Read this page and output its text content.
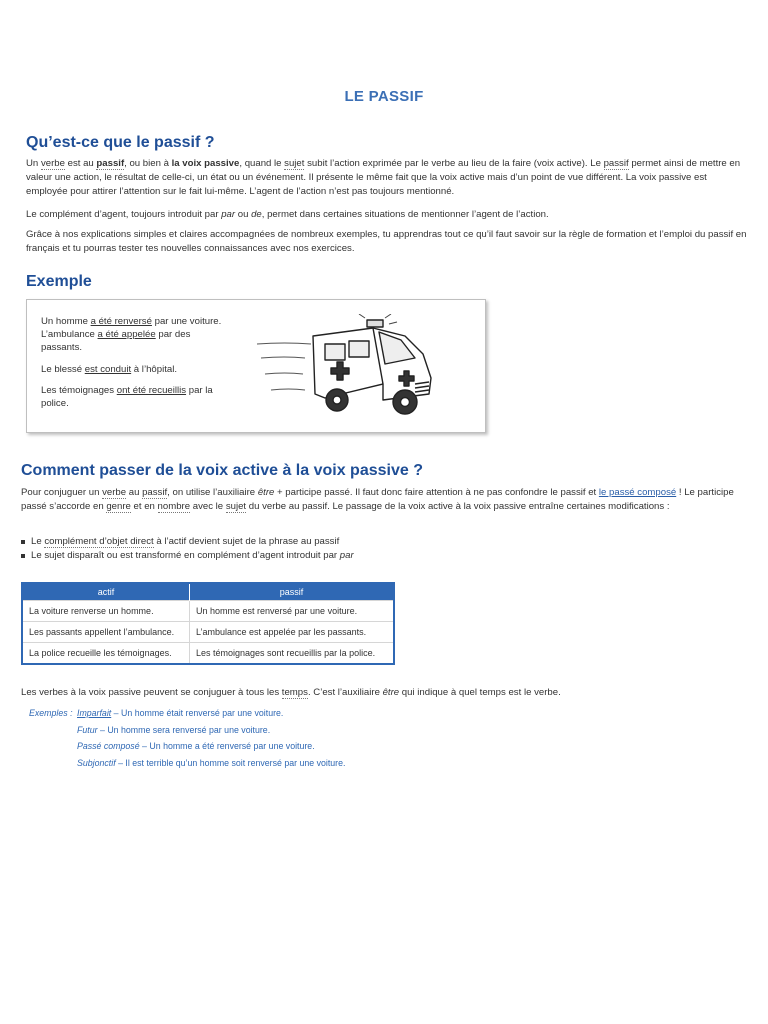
LE PASSIF
Qu’est-ce que le passif ?

Un verbe est au passif, ou bien à la voix passive, quand le sujet subit l’action exprimée par le verbe au lieu de la faire (voix active). Le passif permet ainsi de mettre en valeur une action, le résultat de celle-ci, un état ou un événement. Il présente le même fait que la voix active mais d’un point de vue différent. La voix passive est employée pour attirer l’attention sur le fait lui-même. L’agent de l’action n’est pas toujours mentionné.

Le complément d’agent, toujours introduit par par ou de, permet dans certaines situations de mentionner l’agent de l’action.

Grâce à nos explications simples et claires accompagnées de nombreux exemples, tu apprendras tout ce qu’il faut savoir sur la règle de formation et l’emploi du passif en français et tu pourras tester tes nouvelles connaissances avec nos exercices.

Exemple
Un homme a été renversé par une voiture. L’ambulance a été appelée par des passants.
Le blessé est conduit à l’hôpital.
Les témoignages ont été recueillis par la police.
Comment passer de la voix active à la voix passive ?

Pour conjuguer un verbe au passif, on utilise l’auxiliaire être + participe passé. Il faut donc faire attention à ne pas confondre le passif et le passé composé ! Le participe passé s’accorde en genre et en nombre avec le sujet du verbe au passif. Le passage de la voix active à la voix passive entraîne certaines modifications :

Le complément d’objet direct à l’actif devient sujet de la phrase au passif
Le sujet disparaît ou est transformé en complément d’agent introduit par par
actif	passif
La voiture renverse un homme.	Un homme est renversé par une voiture.
Les passants appellent l’ambulance.	L’ambulance est appelée par les passants.
La police recueille les témoignages.	Les témoignages sont recueillis par la police.

Les verbes à la voix passive peuvent se conjuguer à tous les temps. C’est l’auxiliaire être qui indique à quel temps est le verbe.

Exemples : Imparfait – Un homme était renversé par une voiture.
Futur – Un homme sera renversé par une voiture.
Passé composé – Un homme a été renversé par une voiture.
Subjonctif – Il est terrible qu’un homme soit renversé par une voiture.
